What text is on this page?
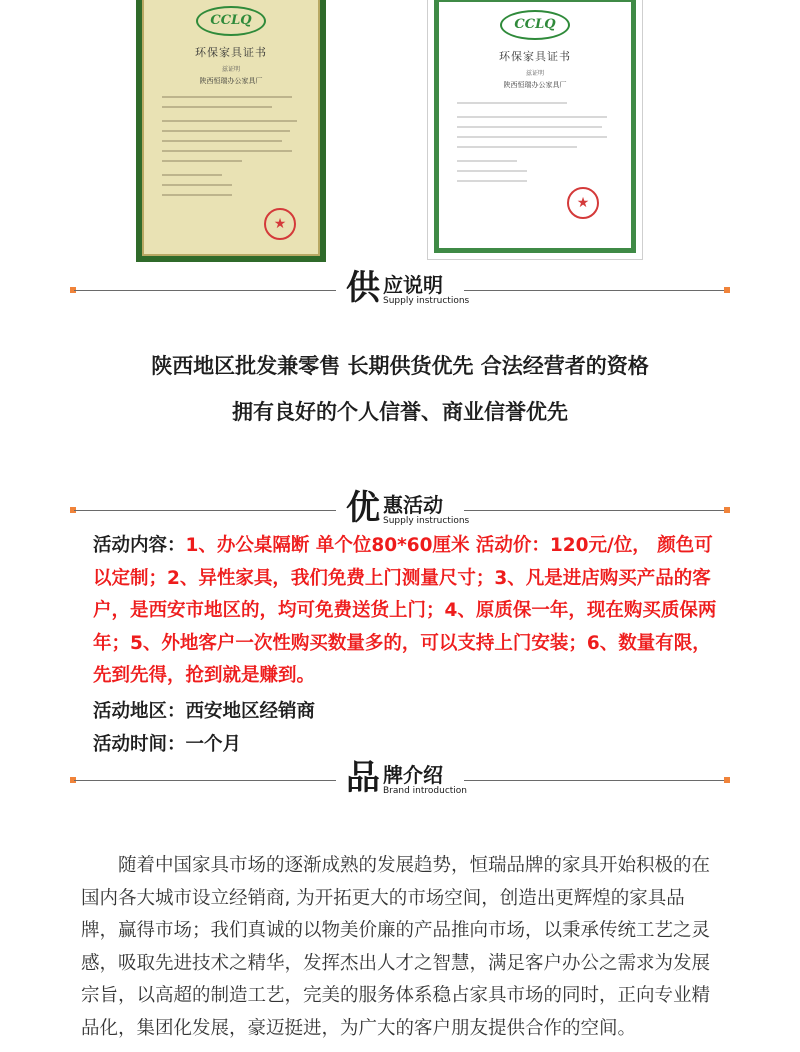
CCLQ
环保家具证书
兹证明
陕西恒瑞办公家具厂
★
CCLQ
环保家具证书
兹证明
陕西恒瑞办公家具厂
★
供 应说明
Supply instructions
陕西地区批发兼零售 长期供货优先 合法经营者的资格
拥有良好的个人信誉、商业信誉优先
优 惠活动
Supply instructions
活动内容：1、办公桌隔断 单个位80*60厘米 活动价：120元/位， 颜色可以定制；2、异性家具，我们免费上门测量尺寸；3、凡是进店购买产品的客户，是西安市地区的，均可免费送货上门；4、原质保一年，现在购买质保两年；5、外地客户一次性购买数量多的，可以支持上门安装；6、数量有限，先到先得，抢到就是赚到。
活动地区：西安地区经销商
活动时间：一个月
品 牌介绍
Brand introduction
随着中国家具市场的逐渐成熟的发展趋势，恒瑞品牌的家具开始积极的在国内各大城市设立经销商, 为开拓更大的市场空间，创造出更辉煌的家具品牌，赢得市场；我们真诚的以物美价廉的产品推向市场，以秉承传统工艺之灵感，吸取先进技术之精华，发挥杰出人才之智慧，满足客户办公之需求为发展宗旨，以高超的制造工艺，完美的服务体系稳占家具市场的同时，正向专业精品化，集团化发展，豪迈挺进，为广大的客户朋友提供合作的空间。
